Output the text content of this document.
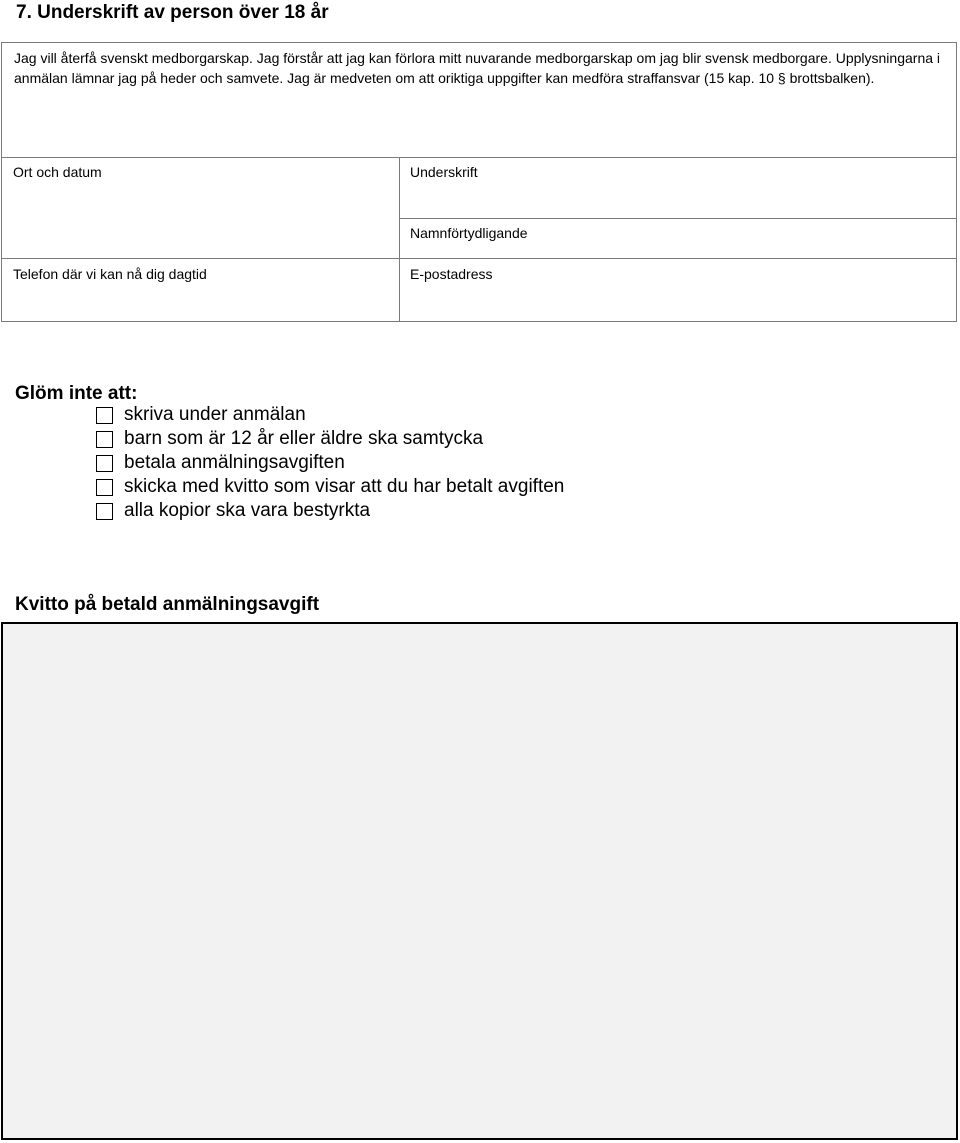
7. Underskrift av person över 18 år

Jag vill återfå svenskt medborgarskap. Jag förstår att jag kan förlora mitt nuvarande medborgarskap om jag blir svensk medborgare. Upplysningarna i anmälan lämnar jag på heder och samvete. Jag är medveten om att oriktiga uppgifter kan medföra straffansvar (15 kap. 10 § brottsbalken).

Ort och datum	Underskrift
Namnförtydligande
Telefon där vi kan nå dig dagtid	E-postadress
Glöm inte att:
skriva under anmälan
barn som är 12 år eller äldre ska samtycka
betala anmälningsavgiften
skicka med kvitto som visar att du har betalt avgiften
alla kopior ska vara bestyrkta
Kvitto på betald anmälningsavgift
